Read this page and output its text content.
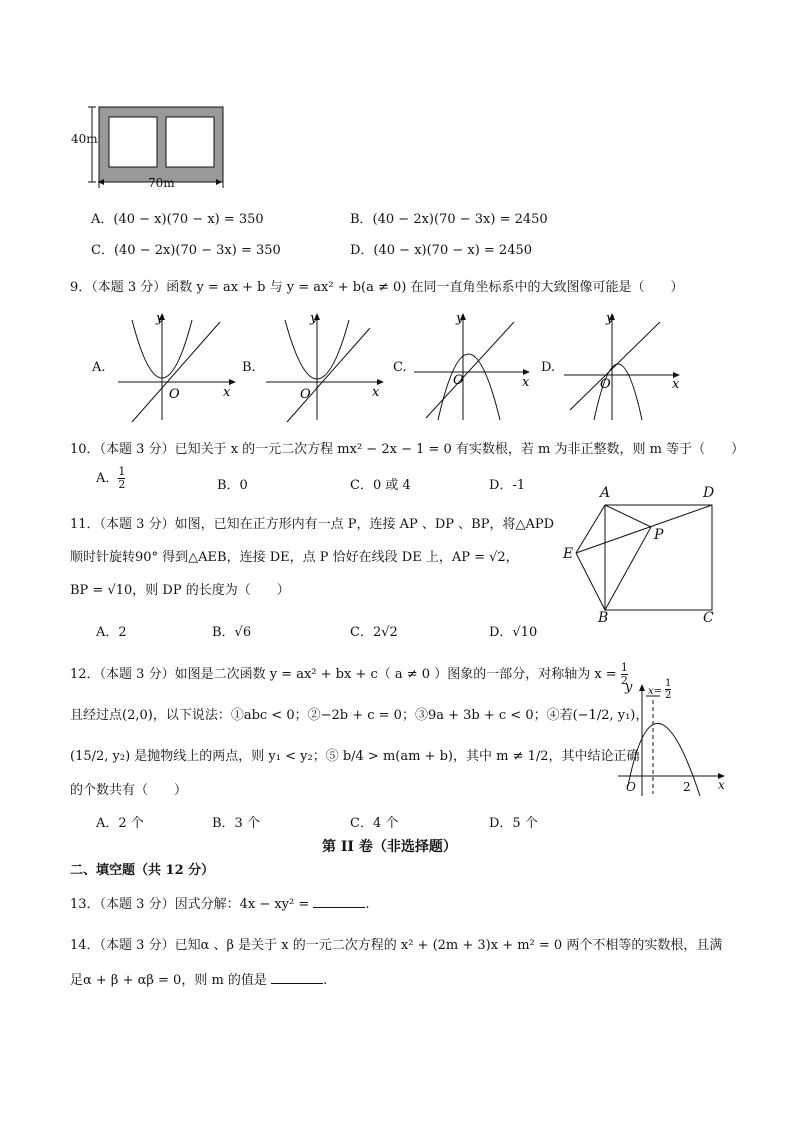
40m
70m
A．(40 − x)(70 − x) = 350	B．(40 − 2x)(70 − 3x) = 2450
C．(40 − 2x)(70 − 3x) = 350	D．(40 − x)(70 − x) = 2450
9．（本题 3 分）函数 y = ax + b 与 y = ax² + b(a ≠ 0) 在同一直角坐标系中的大致图像可能是（　　）
A.
y
x
O
B.
y
x
O
C.
y
x
O
D.
y
x
O
10．（本题 3 分）已知关于 x 的一元二次方程 mx² − 2x − 1 = 0 有实数根，若 m 为非正整数，则 m 等于（　　）
A． $\frac{1}{2}$	B．0	C．0 或 4	D．-1
11．（本题 3 分）如图，已知在正方形内有一点 P，连接 AP 、DP 、BP，将△APD
顺时针旋转90° 得到△AEB，连接 DE，点 P 恰好在线段 DE 上，AP = √2，
BP = √10，则 DP 的长度为（　　）
A．2	B．√6	C．2√2	D．√10
A	D
E
P
B	C
12．（本题 3 分）如图是二次函数 y = ax² + bx + c（ a ≠ 0 ）图象的一部分，对称轴为 $x = \frac{1}{2}$
且经过点(2,0)，以下说法：①abc < 0；②−2b + c = 0；③9a + 3b + c < 0；④若(−1/2, y₁)，
(15/2, y₂) 是抛物线上的两点，则 y₁ < y₂；⑤ b/4 > m(am + b)，其中 m ≠ 1/2，其中结论正确
的个数共有（　　）
A．2 个	B．3 个	C．4 个	D．5 个
y
x
O	2
$x= \frac{1}{2}$
第 II 卷（非选择题）
二、填空题（共 12 分）
13．（本题 3 分）因式分解：4x − xy² =	.
14．（本题 3 分）已知α 、β 是关于 x 的一元二次方程的 x² + (2m + 3)x + m² = 0 两个不相等的实数根，且满
足α + β + αβ = 0，则 m 的值是	.
